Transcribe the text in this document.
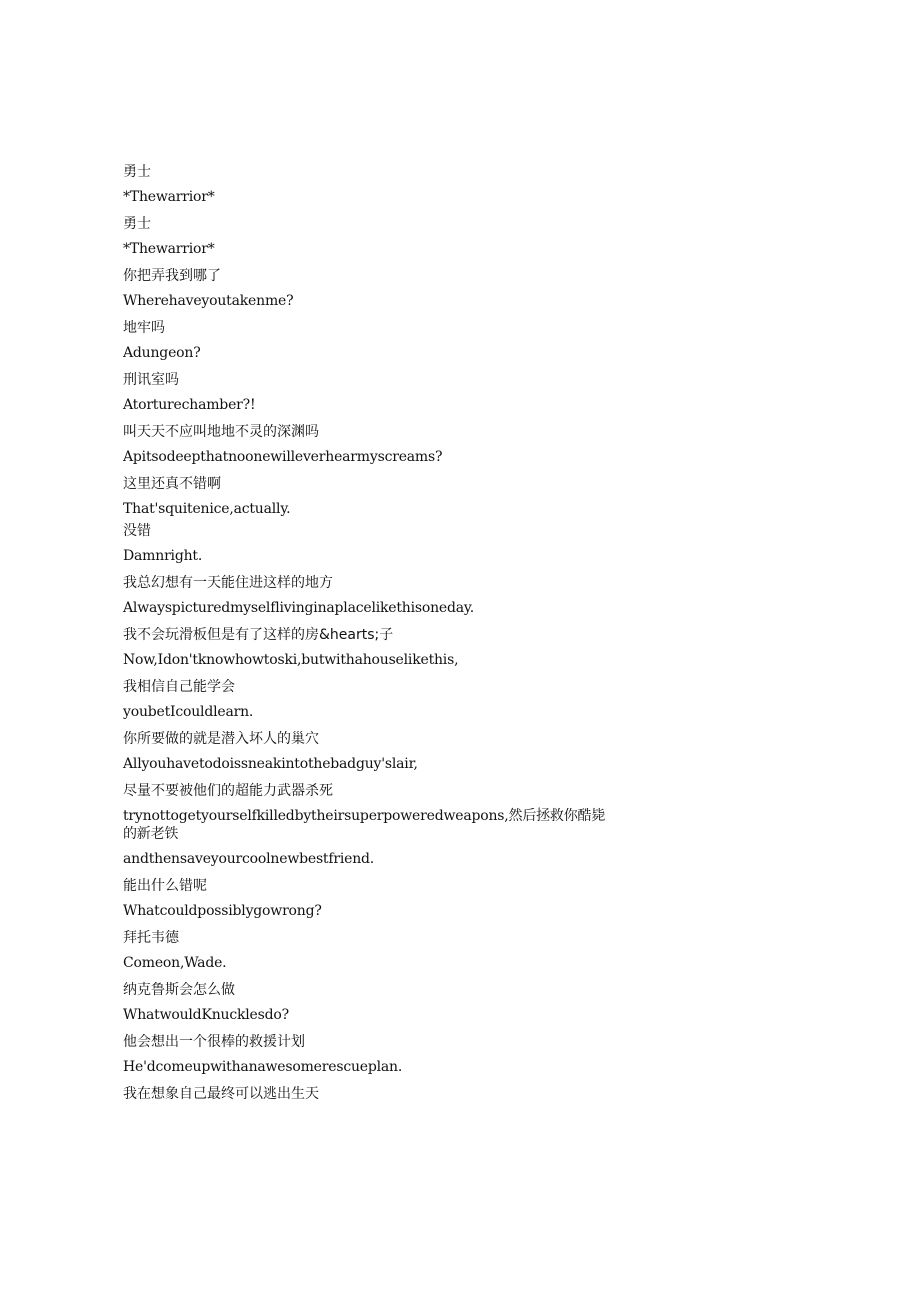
勇士
*Thewarrior*
勇士
*Thewarrior*
你把弄我到哪了
Wherehaveyoutakenme?
地牢吗
Adungeon?
刑讯室吗
Atorturechamber?!
叫天天不应叫地地不灵的深渊吗
Apitsodeepthatnoonewilleverhearmyscreams?
这里还真不错啊
That'squitenice,actually.
没错
Damnright.
我总幻想有一天能住进这样的地方
Alwayspicturedmyselflivinginaplacelikethisoneday.
我不会玩滑板但是有了这样的房&hearts;子
Now,Idon'tknowhowtoski,butwithahouselikethis,
我相信自己能学会
youbetIcouldlearn.
你所要做的就是潜入坏人的巢穴
Allyouhavetodoissneakintothebadguy'slair,
尽量不要被他们的超能力武器杀死
trynottogetyourselfkilledbytheirsuperpoweredweapons,然后拯救你酷毙的新老铁
andthensaveyourcoolnewbestfriend.
能出什么错呢
Whatcouldpossiblygowrong?
拜托韦德
Comeon,Wade.
纳克鲁斯会怎么做
WhatwouldKnucklesdo?
他会想出一个很棒的救援计划
He'dcomeupwithanawesomerescueplan.
我在想象自己最终可以逃出生天
